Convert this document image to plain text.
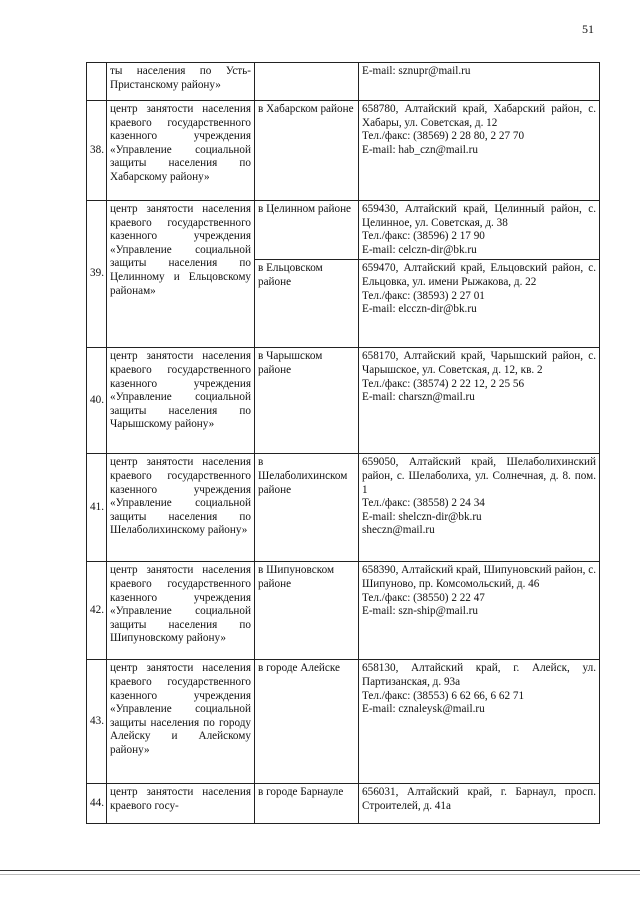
51
	ты населения по Усть-Пристанскому району»		E-mail: sznupr@mail.ru

38.	центр занятости населения краевого государственного казенного учреждения «Управление социальной защиты населения по Хабарскому району»	в Хабарском районе	658780, Алтайский край, Хабарский район, с. Хабары, ул. Советская, д. 12
Тел./факс: (38569) 2 28 80, 2 27 70
E-mail: hab_czn@mail.ru

39.	центр занятости населения краевого государственного казенного учреждения «Управление социальной защиты населения по Целинному и Ельцовскому районам»	в Целинном районе	659430, Алтайский край, Целинный район, с. Целинное, ул. Советская, д. 38
Тел./факс: (38596) 2 17 90
E-mail: celczn-dir@bk.ru

		в Ельцовском районе	659470, Алтайский край, Ельцовский район, с. Ельцовка, ул. имени Рыжакова, д. 22
Тел./факс: (38593) 2 27 01
E-mail: elcczn-dir@bk.ru

40.	центр занятости населения краевого государственного казенного учреждения «Управление социальной защиты населения по Чарышскому району»	в Чарышском районе	658170, Алтайский край, Чарышский район, с. Чарышское, ул. Советская, д. 12, кв. 2
Тел./факс: (38574) 2 22 12, 2 25 56
E-mail: charszn@mail.ru

41.	центр занятости населения краевого государственного казенного учреждения «Управление социальной защиты населения по Шелаболихинскому району»	в Шелаболихинском районе	659050, Алтайский край, Шелаболихинский район, с. Шелаболиха, ул. Солнечная, д. 8. пом. 1
Тел./факс: (38558) 2 24 34
E-mail: shelczn-dir@bk.ru
sheczn@mail.ru

42.	центр занятости населения краевого государственного казенного учреждения «Управление социальной защиты населения по Шипуновскому району»	в Шипуновском районе	658390, Алтайский край, Шипуновский район, с. Шипуново, пр. Комсомольский, д. 46
Тел./факс: (38550) 2 22 47
E-mail: szn-ship@mail.ru

43.	центр занятости населения краевого государственного казенного учреждения «Управление социальной защиты населения по городу Алейску и Алейскому району»	в городе Алейске	658130, Алтайский край, г. Алейск, ул. Партизанская, д. 93а
Тел./факс: (38553) 6 62 66, 6 62 71
E-mail: cznaleysk@mail.ru

44.	центр занятости населения краевого госу-	в городе Барнауле	656031, Алтайский край, г. Барнаул, просп. Строителей, д. 41а
